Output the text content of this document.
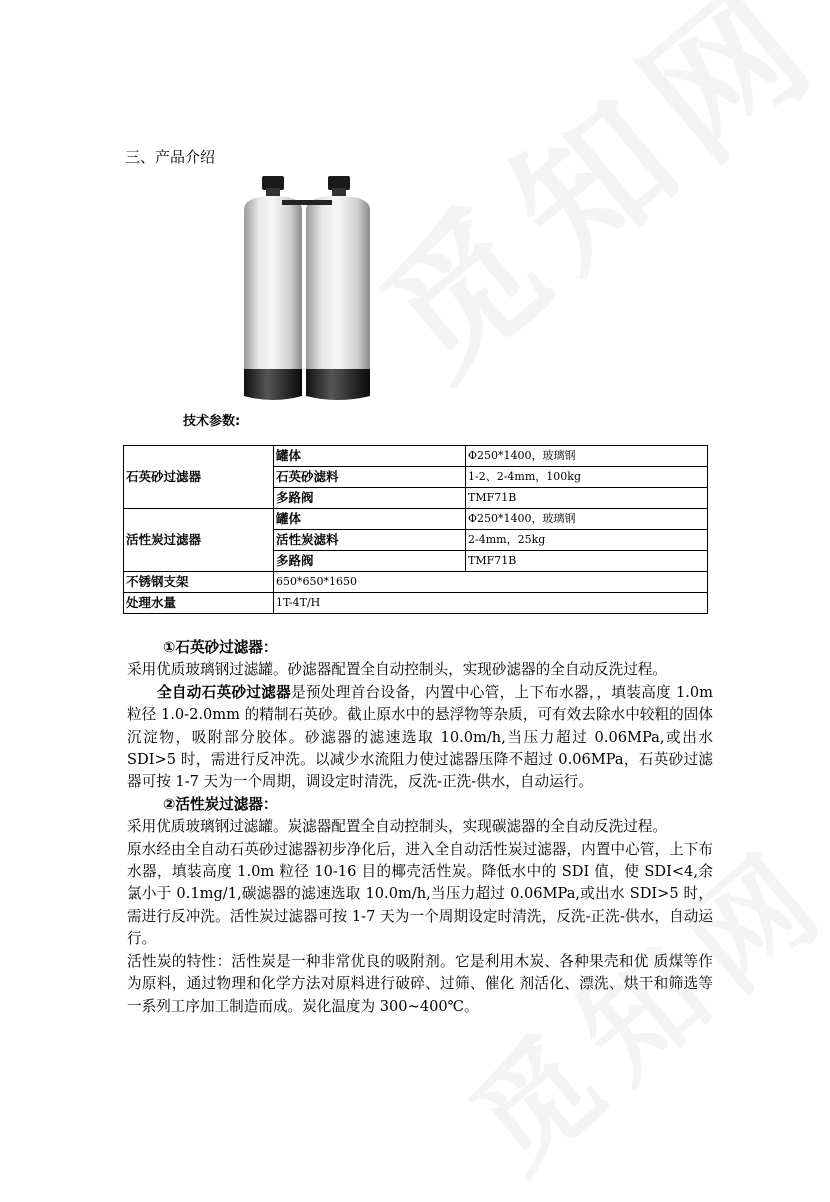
三、产品介绍
技术参数:
石英砂过滤器	罐体	Φ250*1400，玻璃钢
	石英砂滤料	1-2、2-4mm，100kg
	多路阀	TMF71B
活性炭过滤器	罐体	Φ250*1400，玻璃钢
	活性炭滤料	2-4mm，25kg
	多路阀	TMF71B
不锈钢支架	650*650*1650	
处理水量	1T-4T/H	

①石英砂过滤器：

采用优质玻璃钢过滤罐。砂滤器配置全自动控制头，实现砂滤器的全自动反洗过程。

全自动石英砂过滤器是预处理首台设备，内置中心管，上下布水器，，填装高度 1.0m 粒径 1.0-2.0mm 的精制石英砂。截止原水中的悬浮物等杂质，可有效去除水中较粗的固体沉淀物，吸附部分胶体。砂滤器的滤速选取 10.0m/h,当压力超过 0.06MPa,或出水 SDI>5 时，需进行反冲洗。以减少水流阻力使过滤器压降不超过 0.06MPa，石英砂过滤器可按 1-7 天为一个周期，调设定时清洗，反洗-正洗-供水，自动运行。

②活性炭过滤器：

采用优质玻璃钢过滤罐。炭滤器配置全自动控制头，实现碳滤器的全自动反洗过程。

原水经由全自动石英砂过滤器初步净化后，进入全自动活性炭过滤器，内置中心管，上下布水器，填装高度 1.0m 粒径 10-16 目的椰壳活性炭。降低水中的 SDI 值，使 SDI<4,余氯小于 0.1mg/1,碳滤器的滤速选取 10.0m/h,当压力超过 0.06MPa,或出水 SDI>5 时，需进行反冲洗。活性炭过滤器可按 1-7 天为一个周期设定时清洗，反洗-正洗-供水，自动运行。

活性炭的特性：活性炭是一种非常优良的吸附剂。它是利用木炭、各种果壳和优 质煤等作为原料，通过物理和化学方法对原料进行破碎、过筛、催化 剂活化、漂洗、烘干和筛选等一系列工序加工制造而成。炭化温度为 300~400℃。
